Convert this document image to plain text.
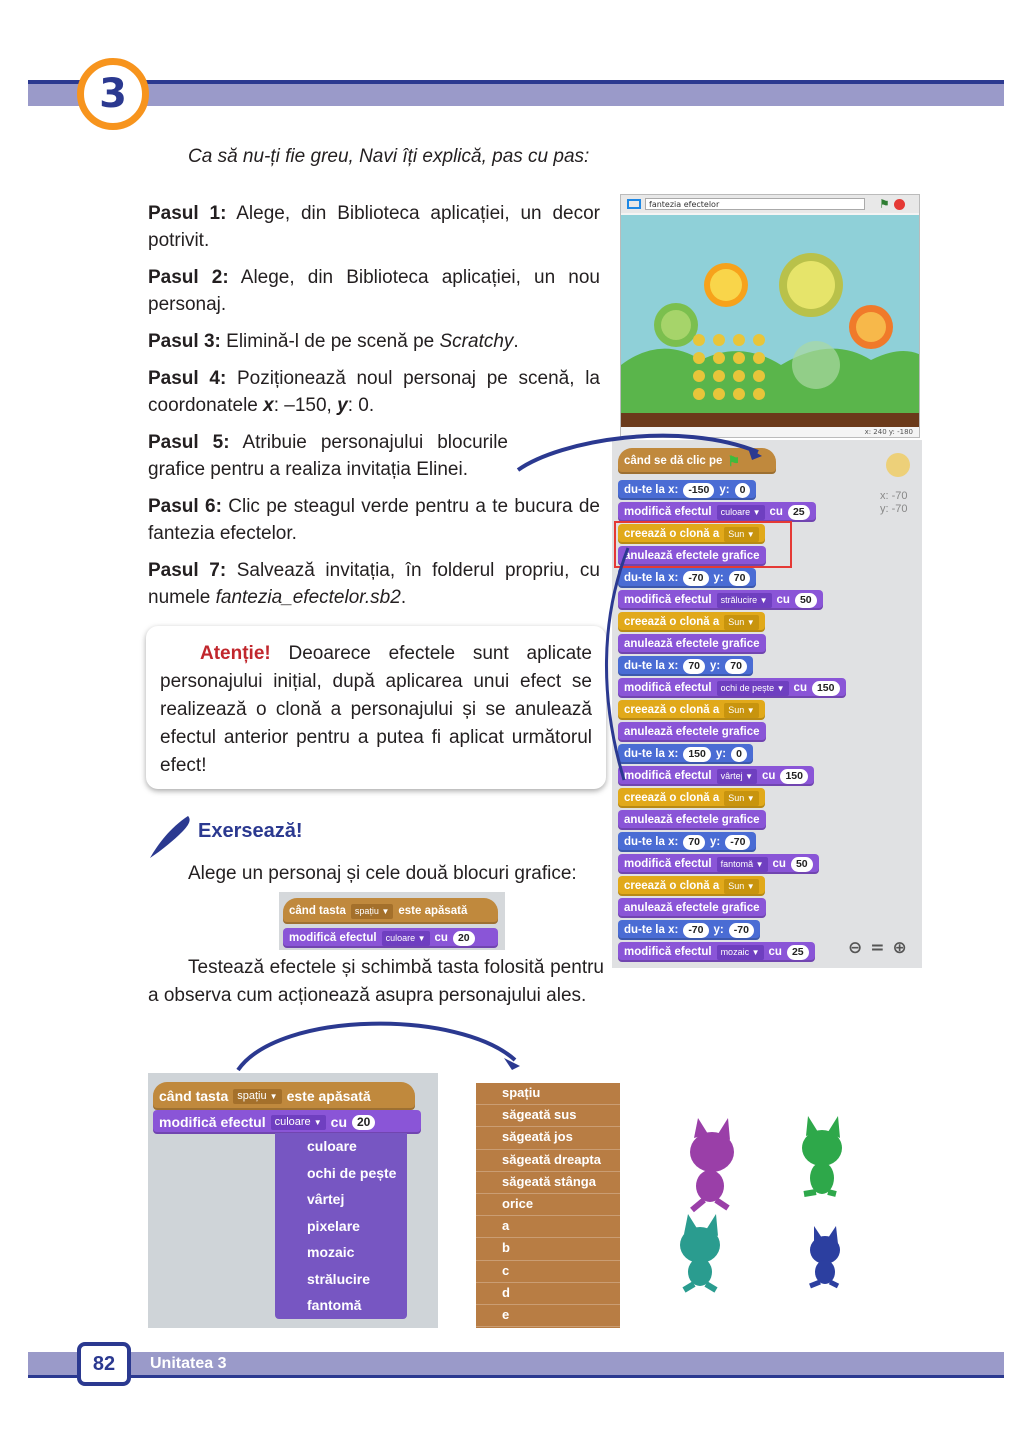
3
Ca să nu-ți fie greu, Navi îți explică, pas cu pas:

Pasul 1: Alege, din Biblioteca aplicației, un decor potrivit.

Pasul 2: Alege, din Biblioteca aplicației, un nou personaj.

Pasul 3: Elimină-l de pe scenă pe Scratchy.

Pasul 4: Poziționează noul personaj pe scenă, la coordonatele x: –150, y: 0.

Pasul 5: Atribuie personajului blocurile grafice pentru a realiza invitația Elinei.

Pasul 6: Clic pe steagul verde pentru a te bucura de fantezia efectelor.

Pasul 7: Salvează invitația, în folderul propriu, cu numele fantezia_efectelor.sb2.

Atenție! Deoarece efectele sunt aplicate personajului inițial, după aplicarea unui efect se realizează o clonă a personajului și se anulează efectul anterior pentru a putea fi aplicat următorul efect!
Exersează!
Alege un personaj și cele două blocuri grafice:
când tasta	spațiu ▼ este apăsată
modifică efectul	culoare ▼ cu 20
Testează efectele și schimbă tasta folosită pentru a observa cum acționează asupra personajului ales.
fantezia efectelor	⚑
x: 240 y: -180
x: -70
y: -70
când se dă clic pe ⚑
du-te la x: -150 y: 0
modifică efectul	culoare ▼ cu 25
creează o clonă a	Sun ▼
anulează efectele grafice
du-te la x: -70 y: 70
modifică efectul	strălucire ▼ cu 50
creează o clonă a	Sun ▼
anulează efectele grafice
du-te la x: 70 y: 70
modifică efectul	ochi de pește ▼ cu 150
creează o clonă a	Sun ▼
anulează efectele grafice
du-te la x: 150 y: 0
modifică efectul	vârtej ▼ cu 150
creează o clonă a	Sun ▼
anulează efectele grafice
du-te la x: 70 y: -70
modifică efectul	fantomă ▼ cu 50
creează o clonă a	Sun ▼
anulează efectele grafice
du-te la x: -70 y: -70
modifică efectul	mozaic ▼ cu 25	⊖ = ⊕
când tasta spațiu ▼ este apăsată
modifică efectul culoare ▼ cu 20
culoare
ochi de pește
vârtej
pixelare
mozaic
strălucire
fantomă
spațiu
săgeată sus
săgeată jos
săgeată dreapta
săgeată stânga
orice
a
b
c
d
e
82	Unitatea 3
